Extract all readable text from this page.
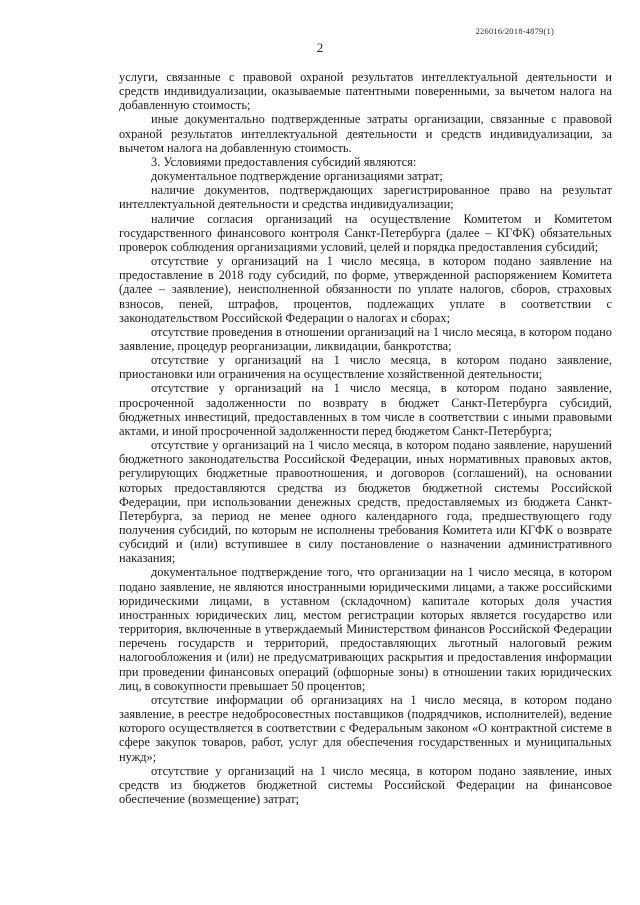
226016/2018-4879(1)
2

услуги, связанные с правовой охраной результатов интеллектуальной деятельности и средств индивидуализации, оказываемые патентными поверенными, за вычетом налога на добавленную стоимость;

иные документально подтвержденные затраты организации, связанные с правовой охраной результатов интеллектуальной деятельности и средств индивидуализации, за вычетом налога на добавленную стоимость.

3. Условиями предоставления субсидий являются:

документальное подтверждение организациями затрат;

наличие документов, подтверждающих зарегистрированное право на результат интеллектуальной деятельности и средства индивидуализации;

наличие согласия организаций на осуществление Комитетом и Комитетом государственного финансового контроля Санкт-Петербурга (далее – КГФК) обязательных проверок соблюдения организациями условий, целей и порядка предоставления субсидий;

отсутствие у организаций на 1 число месяца, в котором подано заявление на предоставление в 2018 году субсидий, по форме, утвержденной распоряжением Комитета (далее – заявление), неисполненной обязанности по уплате налогов, сборов, страховых взносов, пеней, штрафов, процентов, подлежащих уплате в соответствии с законодательством Российской Федерации о налогах и сборах;

отсутствие проведения в отношении организаций на 1 число месяца, в котором подано заявление, процедур реорганизации, ликвидации, банкротства;

отсутствие у организаций на 1 число месяца, в котором подано заявление, приостановки или ограничения на осуществление хозяйственной деятельности;

отсутствие у организаций на 1 число месяца, в котором подано заявление, просроченной задолженности по возврату в бюджет Санкт-Петербурга субсидий, бюджетных инвестиций, предоставленных в том числе в соответствии с иными правовыми актами, и иной просроченной задолженности перед бюджетом Санкт-Петербурга;

отсутствие у организаций на 1 число месяца, в котором подано заявление, нарушений бюджетного законодательства Российской Федерации, иных нормативных правовых актов, регулирующих бюджетные правоотношения, и договоров (соглашений), на основании которых предоставляются средства из бюджетов бюджетной системы Российской Федерации, при использовании денежных средств, предоставляемых из бюджета Санкт-Петербурга, за период не менее одного календарного года, предшествующего году получения субсидий, по которым не исполнены требования Комитета или КГФК о возврате субсидий и (или) вступившее в силу постановление о назначении административного наказания;

документальное подтверждение того, что организации на 1 число месяца, в котором подано заявление, не являются иностранными юридическими лицами, а также российскими юридическими лицами, в уставном (складочном) капитале которых доля участия иностранных юридических лиц, местом регистрации которых является государство или территория, включенные в утверждаемый Министерством финансов Российской Федерации перечень государств и территорий, предоставляющих льготный налоговый режим налогообложения и (или) не предусматривающих раскрытия и предоставления информации при проведении финансовых операций (офшорные зоны) в отношении таких юридических лиц, в совокупности превышает 50 процентов;

отсутствие информации об организациях на 1 число месяца, в котором подано заявление, в реестре недобросовестных поставщиков (подрядчиков, исполнителей), ведение которого осуществляется в соответствии с Федеральным законом «О контрактной системе в сфере закупок товаров, работ, услуг для обеспечения государственных и муниципальных нужд»;

отсутствие у организаций на 1 число месяца, в котором подано заявление, иных средств из бюджетов бюджетной системы Российской Федерации на финансовое обеспечение (возмещение) затрат;
